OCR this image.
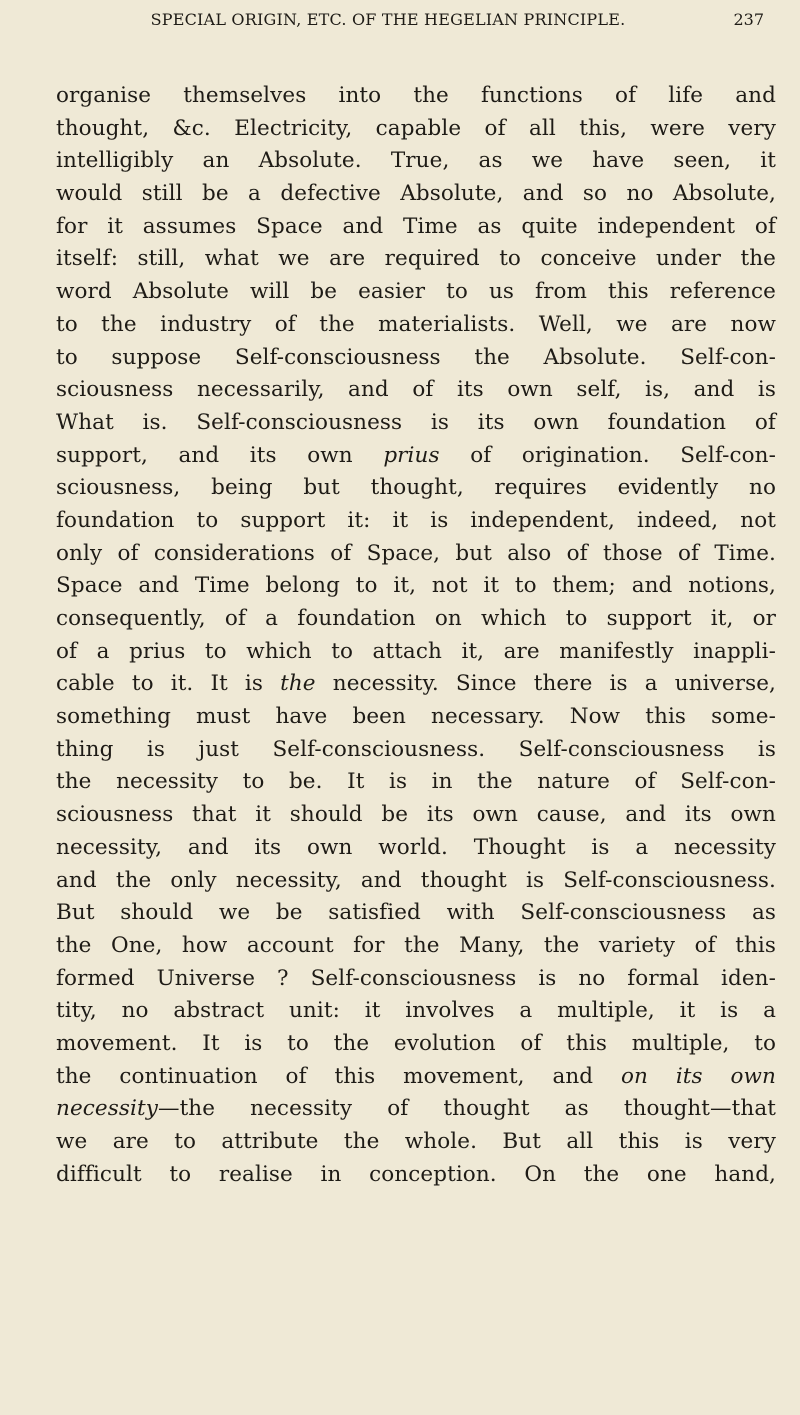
SPECIAL ORIGIN, ETC. OF THE HEGELIAN PRINCIPLE.	237
organise themselves into the functions of life and
thought, &c. Electricity, capable of all this, were very
intelligibly an Absolute. True, as we have seen, it
would still be a defective Absolute, and so no Absolute,
for it assumes Space and Time as quite independent of
itself: still, what we are required to conceive under the
word Absolute will be easier to us from this reference
to the industry of the materialists. Well, we are now
to suppose Self-consciousness the Absolute. Self-con-
sciousness necessarily, and of its own self, is, and is
What is. Self-consciousness is its own foundation of
support, and its own prius of origination. Self-con-
sciousness, being but thought, requires evidently no
foundation to support it: it is independent, indeed, not
only of considerations of Space, but also of those of Time.
Space and Time belong to it, not it to them; and notions,
consequently, of a foundation on which to support it, or
of a prius to which to attach it, are manifestly inappli-
cable to it. It is the necessity. Since there is a universe,
something must have been necessary. Now this some-
thing is just Self-consciousness. Self-consciousness is
the necessity to be. It is in the nature of Self-con-
sciousness that it should be its own cause, and its own
necessity, and its own world. Thought is a necessity
and the only necessity, and thought is Self-consciousness.
But should we be satisfied with Self-consciousness as
the One, how account for the Many, the variety of this
formed Universe ? Self-consciousness is no formal iden-
tity, no abstract unit: it involves a multiple, it is a
movement. It is to the evolution of this multiple, to
the continuation of this movement, and on its own
necessity—the necessity of thought as thought—that
we are to attribute the whole. But all this is very
difficult to realise in conception. On the one hand,
